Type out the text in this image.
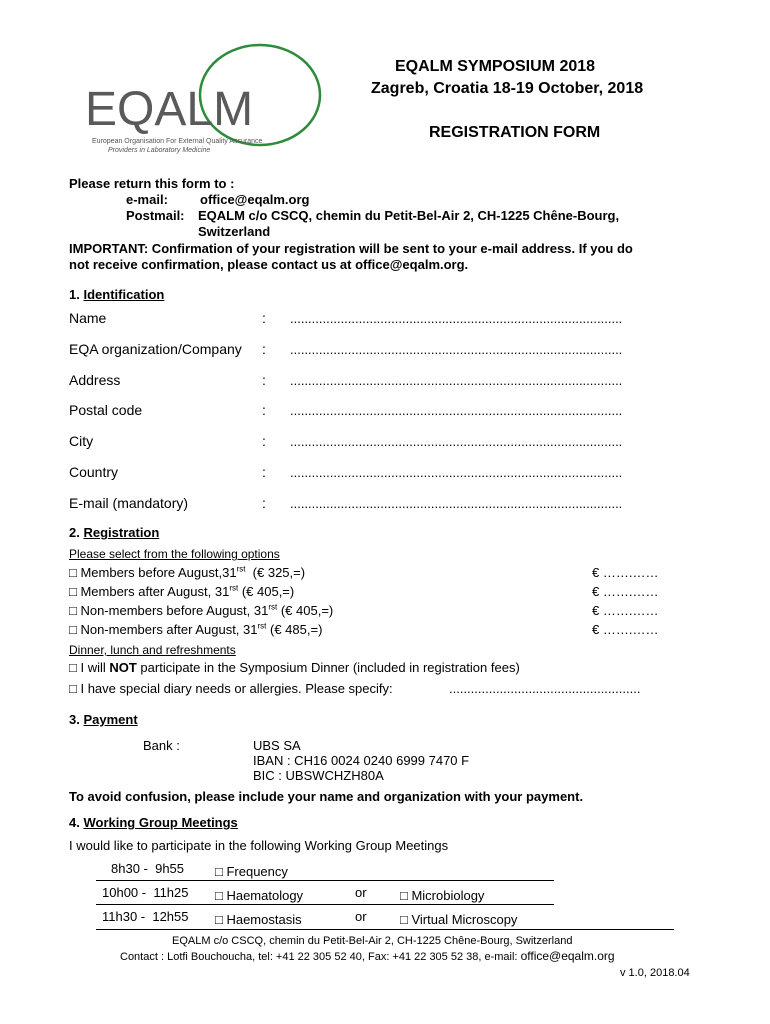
EQALM
European Organisation For External Quality Assurance
Providers in Laboratory Medicine
EQALM SYMPOSIUM 2018
Zagreb, Croatia 18-19 October, 2018
REGISTRATION FORM
Please return this form to :
e-mail: office@eqalm.org
Postmail: EQALM c/o CSCQ, chemin du Petit-Bel-Air 2, CH-1225 Chêne-Bourg,
Switzerland
IMPORTANT: Confirmation of your registration will be sent to your e-mail address. If you do
not receive confirmation, please contact us at office@eqalm.org.
1. Identification
Name	: ............................................................................................
EQA organization/Company : ............................................................................................
Address	: ............................................................................................
Postal code	: ............................................................................................
City	: ............................................................................................
Country	: ............................................................................................
E-mail (mandatory)	: ............................................................................................
2. Registration
Please select from the following options
□ Members before $August,31^{rst}$  (€ 325,=)	€ …….……
□ Members after August, $31^{rst}$ (€ 405,=)	€ …….……
□ Non-members before August, $31^{rst}$ (€ 405,=)	€ …….……
□ Non-members after August, $31^{rst}$ (€ 485,=)	€ …….……
Dinner, lunch and refreshments
□ I will NOT participate in the Symposium Dinner (included in registration fees)
□ I have special diary needs or allergies. Please specify:	.....................................................
3. Payment
Bank :	UBS SA
IBAN : CH16 0024 0240 6999 7470 F
BIC : UBSWCHZH80A
To avoid confusion, please include your name and organization with your payment.
4. Working Group Meetings
I would like to participate in the following Working Group Meetings
8h30 -  9h55 □ Frequency
10h00 -  11h25 □ Haematology	or	□ Microbiology
11h30 -  12h55 □ Haemostasis	or	□ Virtual Microscopy
EQALM c/o CSCQ, chemin du Petit-Bel-Air 2, CH-1225 Chêne-Bourg, Switzerland
Contact : Lotfi Bouchoucha, tel: +41 22 305 52 40, Fax: +41 22 305 52 38, e-mail: office@eqalm.org
v 1.0, 2018.04
